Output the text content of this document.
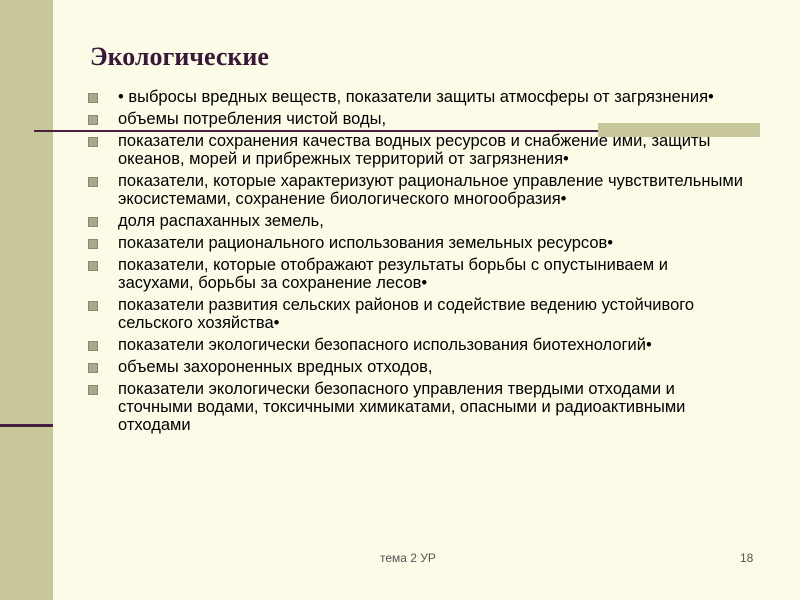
Экологические
• выбросы вредных веществ, показатели защиты атмосферы от загрязнения•
объемы потребления чистой воды,
показатели сохранения качества водных ресурсов и снабжение ими, защиты океанов, морей и прибрежных территорий от загрязнения•
показатели, которые характеризуют рациональное управление чувствительными экосистемами, сохранение биологического многообразия•
доля распаханных земель,
показатели рационального использования земельных ресурсов•
показатели, которые отображают результаты борьбы с опустыниваем и засухами, борьбы за сохранение лесов•
показатели развития сельских районов и содействие ведению устойчивого сельского хозяйства•
показатели экологически безопасного использования биотехнологий•
объемы захороненных вредных отходов,
показатели экологически безопасного управления твердыми отходами и сточными водами, токсичными химикатами, опасными и радиоактивными отходами
тема 2 УР	18
